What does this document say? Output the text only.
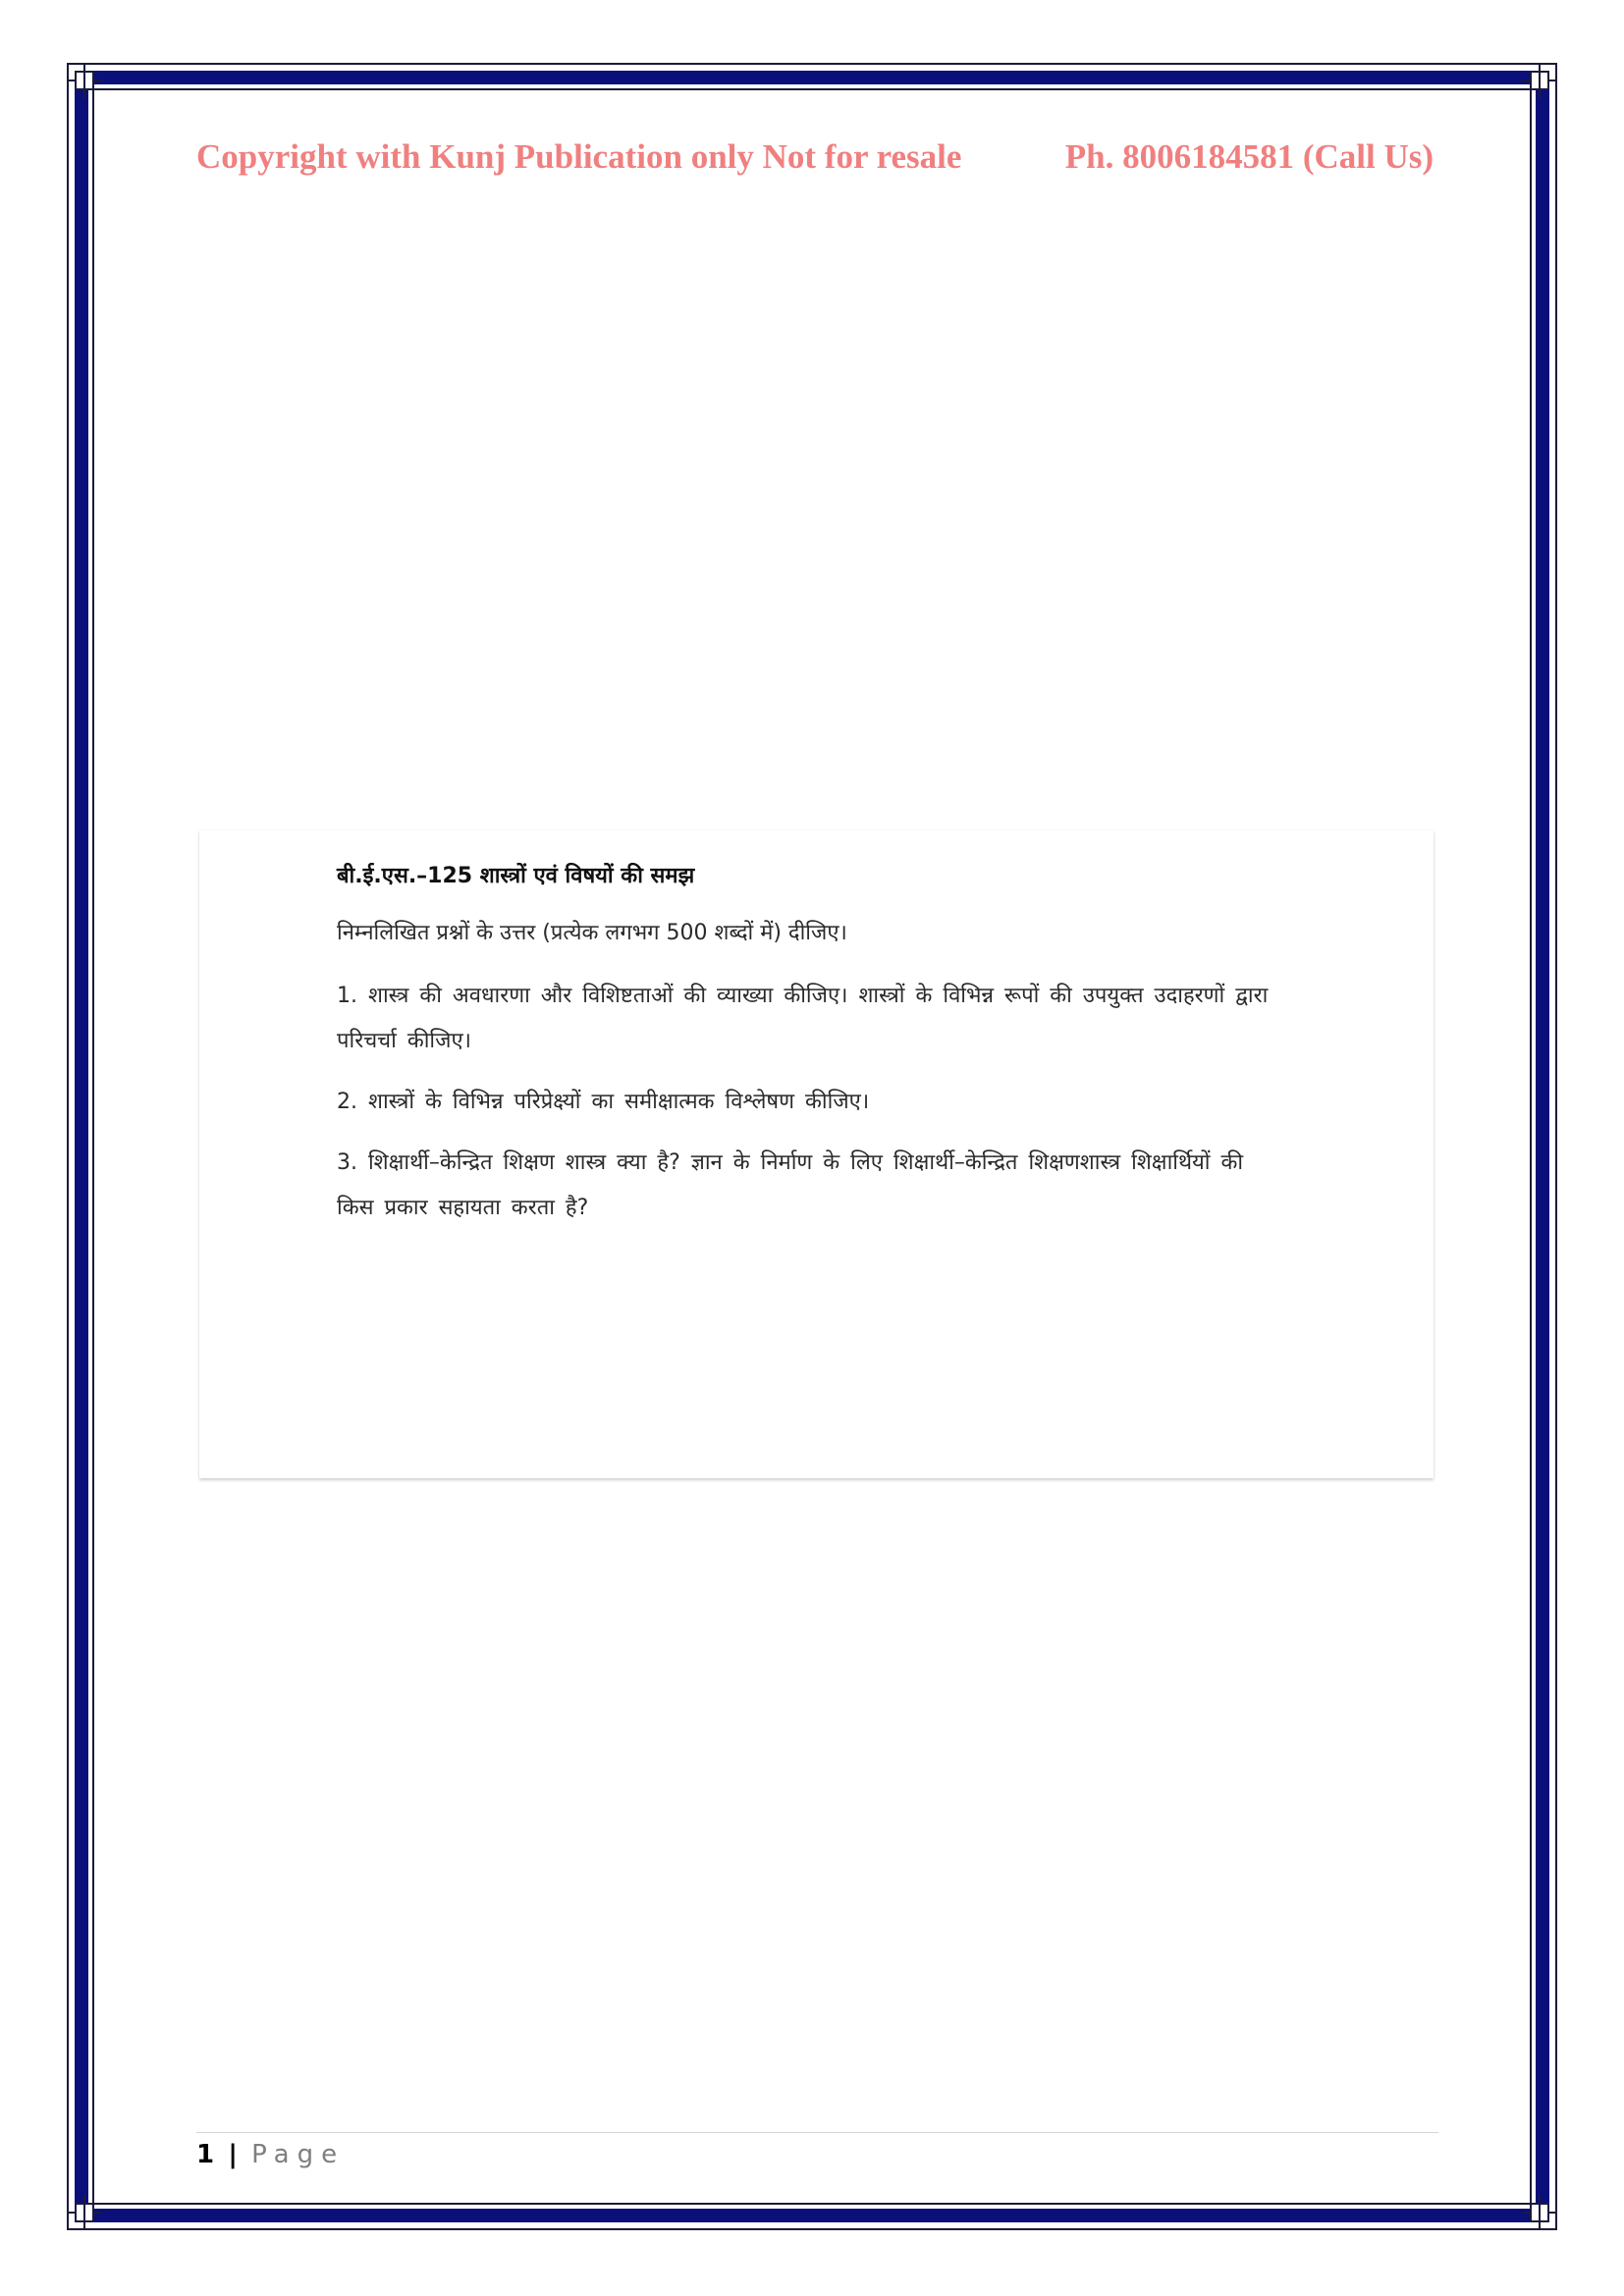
Copyright with Kunj Publication only Not for resale	Ph. 8006184581 (Call Us)

बी.ई.एस.–125 शास्त्रों एवं विषयों की समझ

निम्नलिखित प्रश्नों के उत्तर (प्रत्येक लगभग 500 शब्दों में) दीजिए।

1. शास्त्र की अवधारणा और विशिष्टताओं की व्याख्या कीजिए। शास्त्रों के विभिन्न रूपों की उपयुक्त उदाहरणों द्वारा परिचर्चा कीजिए।

2. शास्त्रों के विभिन्न परिप्रेक्ष्यों का समीक्षात्मक विश्लेषण कीजिए।

3. शिक्षार्थी–केन्द्रित शिक्षण शास्त्र क्या है? ज्ञान के निर्माण के लिए शिक्षार्थी–केन्द्रित शिक्षणशास्त्र शिक्षार्थियों की किस प्रकार सहायता करता है?

1 | Page
